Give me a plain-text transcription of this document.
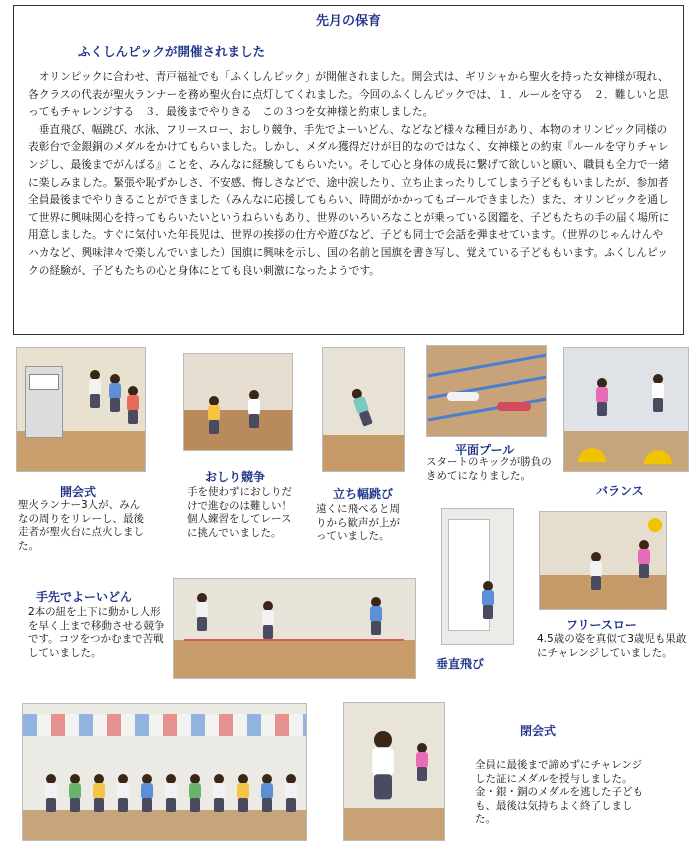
先月の保育
ふくしんピックが開催されました

オリンピックに合わせ、青戸福祉でも「ふくしんピック」が開催されました。開会式は、ギリシャから聖火を持った女神様が現れ、各クラスの代表が聖火ランナーを務め聖火台に点灯してくれました。今回のふくしんピックでは、１．ルールを守る　２．難しいと思ってもチャレンジする　３．最後までやりきる　この３つを女神様と約束しました。

垂直飛び、幅跳び、水泳、フリースロー、おしり競争、手先でよーいどん、などなど様々な種目があり、本物のオリンピック同様の表彰台で金銀銅のメダルをかけてもらいました。しかし、メダル獲得だけが目的なのではなく、女神様との約束『ルールを守りチャレンジし、最後までがんばる』ことを、みんなに経験してもらいたい。そして心と身体の成長に繋げて欲しいと願い、職員も全力で一緒に楽しみました。緊張や恥ずかしさ、不安感、悔しさなどで、途中涙したり、立ち止まったりしてしまう子どももいましたが、参加者全員最後までやりきることができました（みんなに応援してもらい、時間がかかってもゴールできました）また、オリンピックを通して世界に興味関心を持ってもらいたいというねらいもあり、世界のいろいろなことが乗っている図鑑を、子どもたちの手の届く場所に用意しました。すぐに気付いた年長児は、世界の挨拶の仕方や遊びなど、子ども同士で会話を弾ませています。（世界のじゃんけんやハカなど、興味津々で楽しんでいました）国旗に興味を示し、国の名前と国旗を書き写し、覚えている子どももいます。ふくしんピックの経験が、子どもたちの心と身体にとても良い刺激になったようです。

開会式
聖火ランナー3人が、みんなの周りをリレーし、最後走者が聖火台に点火しました。
おしり競争
手を使わずにおしりだけで進むのは難しい！個人練習をしてレースに挑んでいました。
立ち幅跳び
遠くに飛べると周りから歓声が上がっていました。
平面プール
スタートのキックが勝負のきめてになりました。
バランス
手先でよーいどん
2本の紐を上下に動かし人形を早く上まで移動させる競争です。コツをつかむまで苦戦していました。
垂直飛び
フリースロー
4.5歳の姿を真似て3歳児も果敢にチャレンジしていました。
閉会式
全員に最後まで諦めずにチャレンジした証にメダルを授与しました。金・銀・銅のメダルを逃した子どもも、最後は気持ちよく終了しました。
